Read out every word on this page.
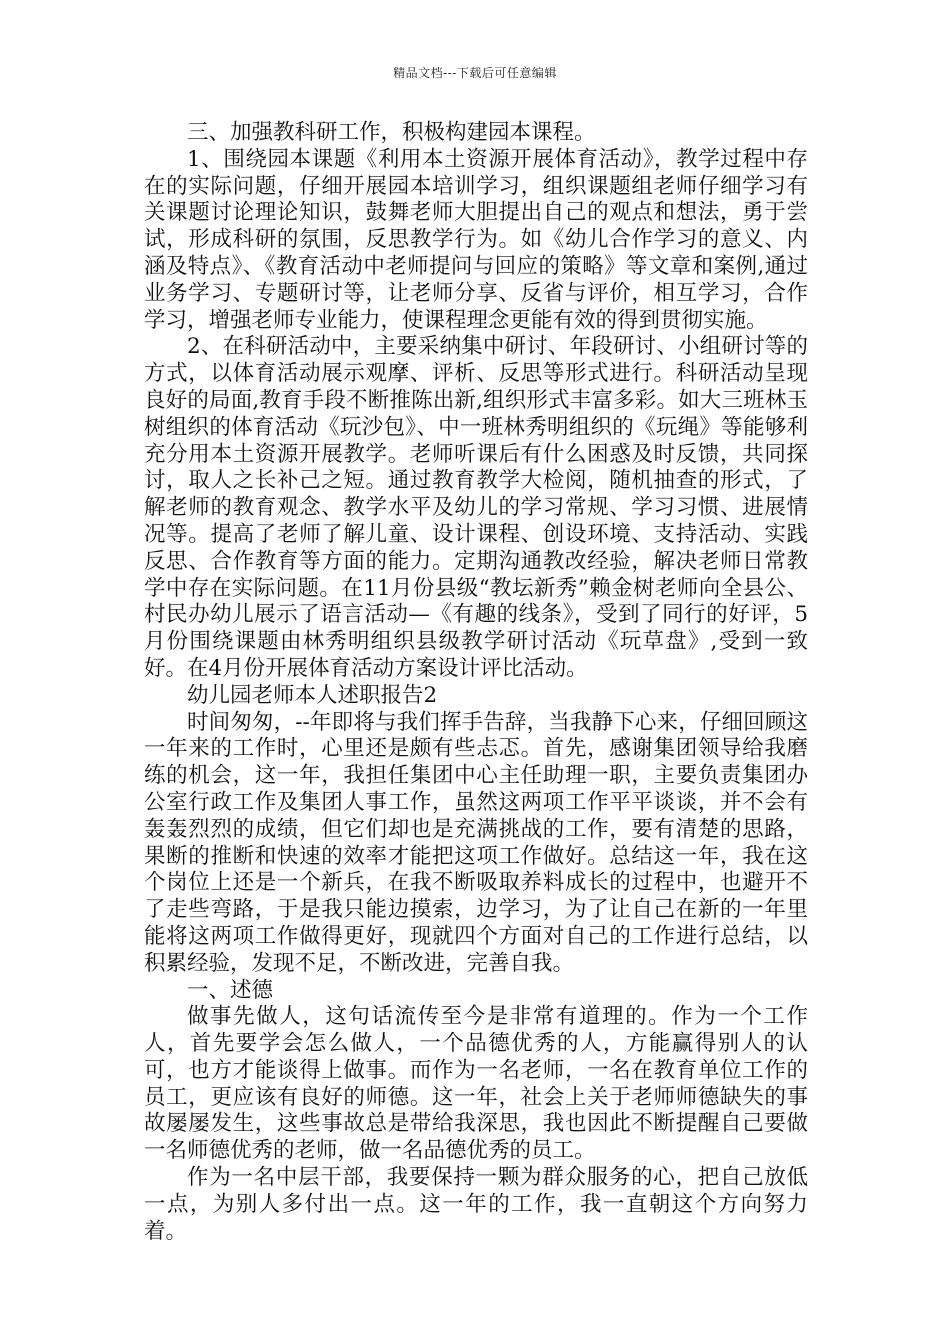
精品文档---下载后可任意编辑

三、加强教科研工作，积极构建园本课程。

1、围绕园本课题《利用本土资源开展体育活动》，教学过程中存在的实际问题，仔细开展园本培训学习，组织课题组老师仔细学习有关课题讨论理论知识，鼓舞老师大胆提出自己的观点和想法，勇于尝试，形成科研的氛围，反思教学行为。如《幼儿合作学习的意义、内涵及特点》、《教育活动中老师提问与回应的策略》等文章和案例,通过业务学习、专题研讨等，让老师分享、反省与评价，相互学习，合作学习，增强老师专业能力，使课程理念更能有效的得到贯彻实施。

2、在科研活动中，主要采纳集中研讨、年段研讨、小组研讨等的方式，以体育活动展示观摩、评析、反思等形式进行。科研活动呈现良好的局面,教育手段不断推陈出新,组织形式丰富多彩。如大三班林玉树组织的体育活动《玩沙包》、中一班林秀明组织的《玩绳》等能够利充分用本土资源开展教学。老师听课后有什么困惑及时反馈，共同探讨，取人之长补己之短。通过教育教学大检阅，随机抽查的形式，了解老师的教育观念、教学水平及幼儿的学习常规、学习习惯、进展情况等。提高了老师了解儿童、设计课程、创设环境、支持活动、实践反思、合作教育等方面的能力。定期沟通教改经验，解决老师日常教学中存在实际问题。在11月份县级“教坛新秀”赖金树老师向全县公、村民办幼儿展示了语言活动—《有趣的线条》，受到了同行的好评，5月份围绕课题由林秀明组织县级教学研讨活动《玩草盘》,受到一致好。在4月份开展体育活动方案设计评比活动。

幼儿园老师本人述职报告2

时间匆匆，--年即将与我们挥手告辞，当我静下心来，仔细回顾这一年来的工作时，心里还是颇有些忐忑。首先，感谢集团领导给我磨练的机会，这一年，我担任集团中心主任助理一职，主要负责集团办公室行政工作及集团人事工作，虽然这两项工作平平谈谈，并不会有轰轰烈烈的成绩，但它们却也是充满挑战的工作，要有清楚的思路，果断的推断和快速的效率才能把这项工作做好。总结这一年，我在这个岗位上还是一个新兵，在我不断吸取养料成长的过程中，也避开不了走些弯路，于是我只能边摸索，边学习，为了让自己在新的一年里能将这两项工作做得更好，现就四个方面对自己的工作进行总结，以积累经验，发现不足，不断改进，完善自我。

一、述德

做事先做人，这句话流传至今是非常有道理的。作为一个工作人，首先要学会怎么做人，一个品德优秀的人，方能赢得别人的认可，也方才能谈得上做事。而作为一名老师，一名在教育单位工作的员工，更应该有良好的师德。这一年，社会上关于老师师德缺失的事故屡屡发生，这些事故总是带给我深思，我也因此不断提醒自己要做一名师德优秀的老师，做一名品德优秀的员工。

作为一名中层干部，我要保持一颗为群众服务的心，把自己放低一点，为别人多付出一点。这一年的工作，我一直朝这个方向努力着。
